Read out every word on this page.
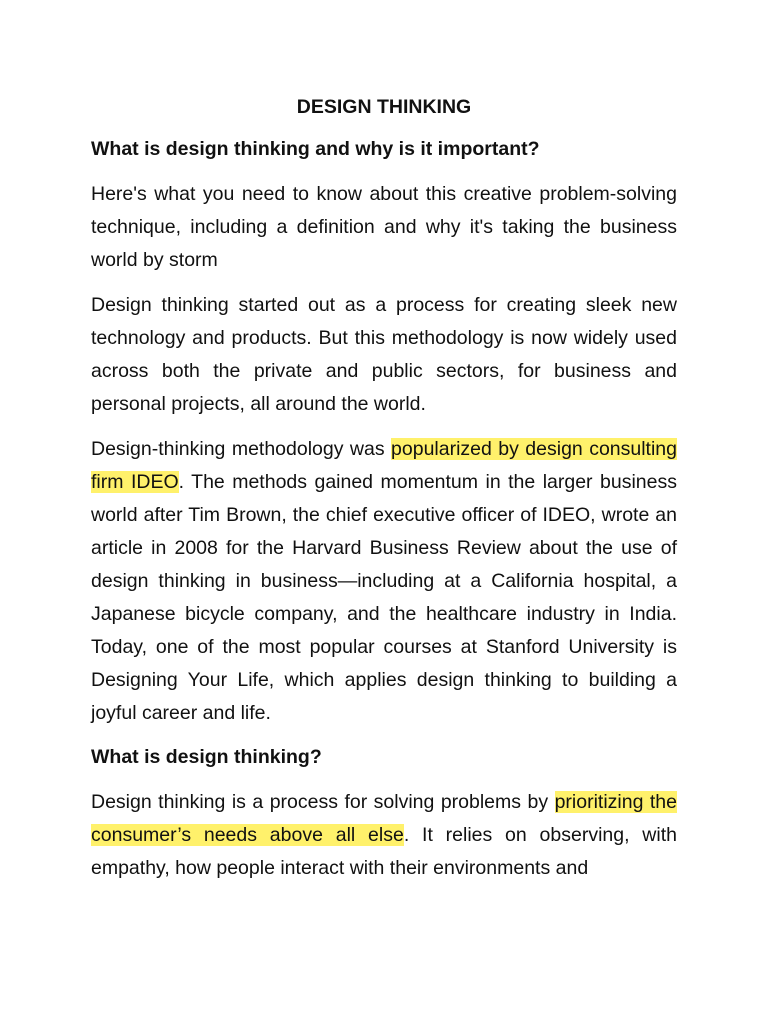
DESIGN THINKING
What is design thinking and why is it important?
Here's what you need to know about this creative problem-solving technique, including a definition and why it's taking the business world by storm
Design thinking started out as a process for creating sleek new technology and products. But this methodology is now widely used across both the private and public sectors, for business and personal projects, all around the world.
Design-thinking methodology was popularized by design consulting firm IDEO. The methods gained momentum in the larger business world after Tim Brown, the chief executive officer of IDEO, wrote an article in 2008 for the Harvard Business Review about the use of design thinking in business—including at a California hospital, a Japanese bicycle company, and the healthcare industry in India. Today, one of the most popular courses at Stanford University is Designing Your Life, which applies design thinking to building a joyful career and life.
What is design thinking?
Design thinking is a process for solving problems by prioritizing the consumer’s needs above all else. It relies on observing, with empathy, how people interact with their environments and
